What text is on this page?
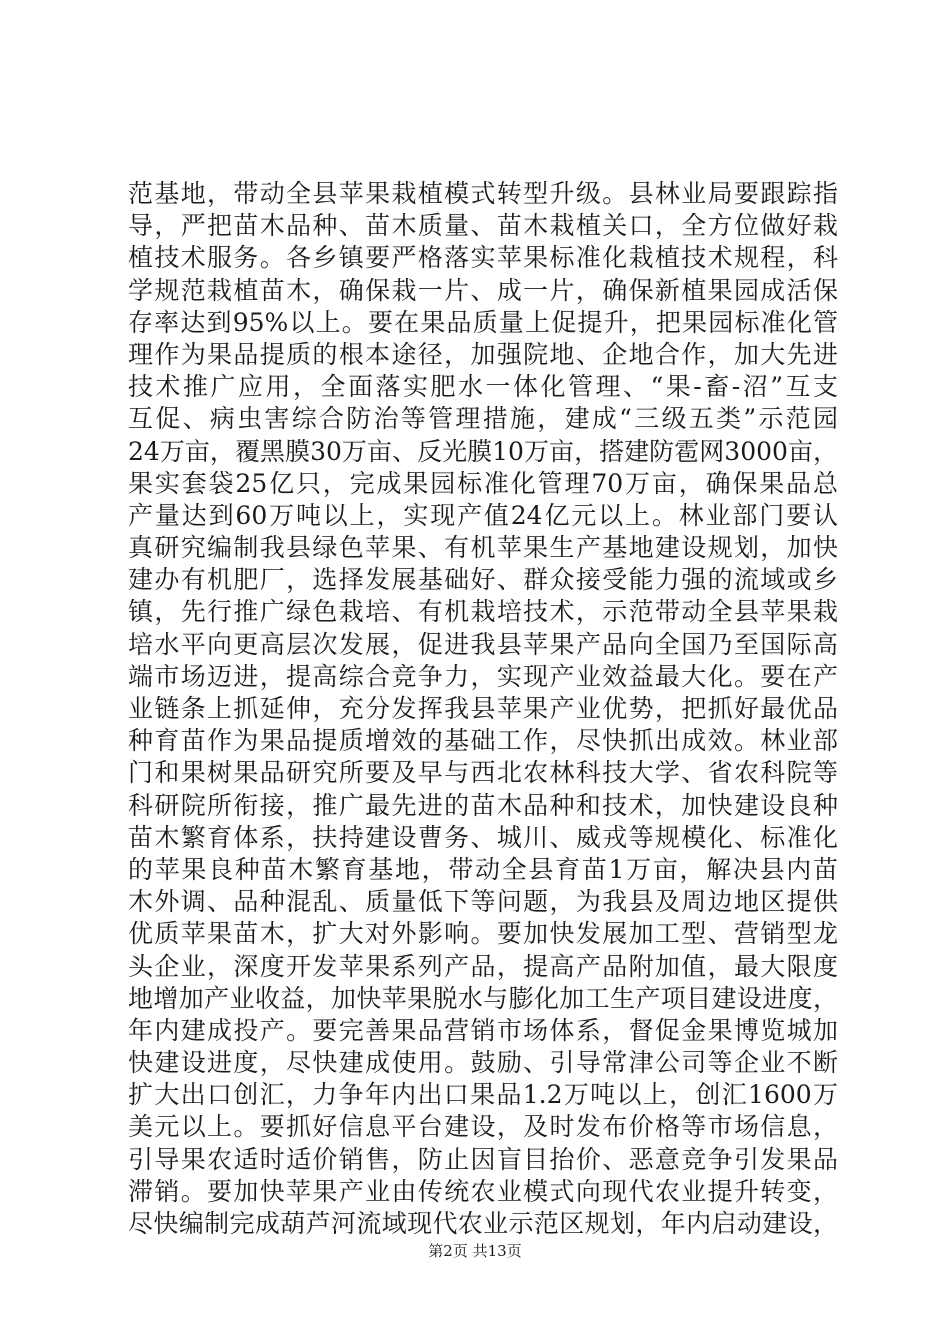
范基地，带动全县苹果栽植模式转型升级。县林业局要跟踪指
导，严把苗木品种、苗木质量、苗木栽植关口，全方位做好栽
植技术服务。各乡镇要严格落实苹果标准化栽植技术规程，科
学规范栽植苗木，确保栽一片、成一片，确保新植果园成活保
存率达到95%以上。要在果品质量上促提升，把果园标准化管
理作为果品提质的根本途径，加强院地、企地合作，加大先进
技术推广应用，全面落实肥水一体化管理、“果-畜-沼”互支
互促、病虫害综合防治等管理措施，建成“三级五类”示范园
24万亩，覆黑膜30万亩、反光膜10万亩，搭建防雹网3000亩，
果实套袋25亿只，完成果园标准化管理70万亩，确保果品总
产量达到60万吨以上，实现产值24亿元以上。林业部门要认
真研究编制我县绿色苹果、有机苹果生产基地建设规划，加快
建办有机肥厂，选择发展基础好、群众接受能力强的流域或乡
镇，先行推广绿色栽培、有机栽培技术，示范带动全县苹果栽
培水平向更高层次发展，促进我县苹果产品向全国乃至国际高
端市场迈进，提高综合竞争力，实现产业效益最大化。要在产
业链条上抓延伸，充分发挥我县苹果产业优势，把抓好最优品
种育苗作为果品提质增效的基础工作，尽快抓出成效。林业部
门和果树果品研究所要及早与西北农林科技大学、省农科院等
科研院所衔接，推广最先进的苗木品种和技术，加快建设良种
苗木繁育体系，扶持建设曹务、城川、威戎等规模化、标准化
的苹果良种苗木繁育基地，带动全县育苗1万亩，解决县内苗
木外调、品种混乱、质量低下等问题，为我县及周边地区提供
优质苹果苗木，扩大对外影响。要加快发展加工型、营销型龙
头企业，深度开发苹果系列产品，提高产品附加值，最大限度
地增加产业收益，加快苹果脱水与膨化加工生产项目建设进度，
年内建成投产。要完善果品营销市场体系，督促金果博览城加
快建设进度，尽快建成使用。鼓励、引导常津公司等企业不断
扩大出口创汇，力争年内出口果品1.2万吨以上，创汇1600万
美元以上。要抓好信息平台建设，及时发布价格等市场信息，
引导果农适时适价销售，防止因盲目抬价、恶意竞争引发果品
滞销。要加快苹果产业由传统农业模式向现代农业提升转变，
尽快编制完成葫芦河流域现代农业示范区规划，年内启动建设，
第2页 共13页
